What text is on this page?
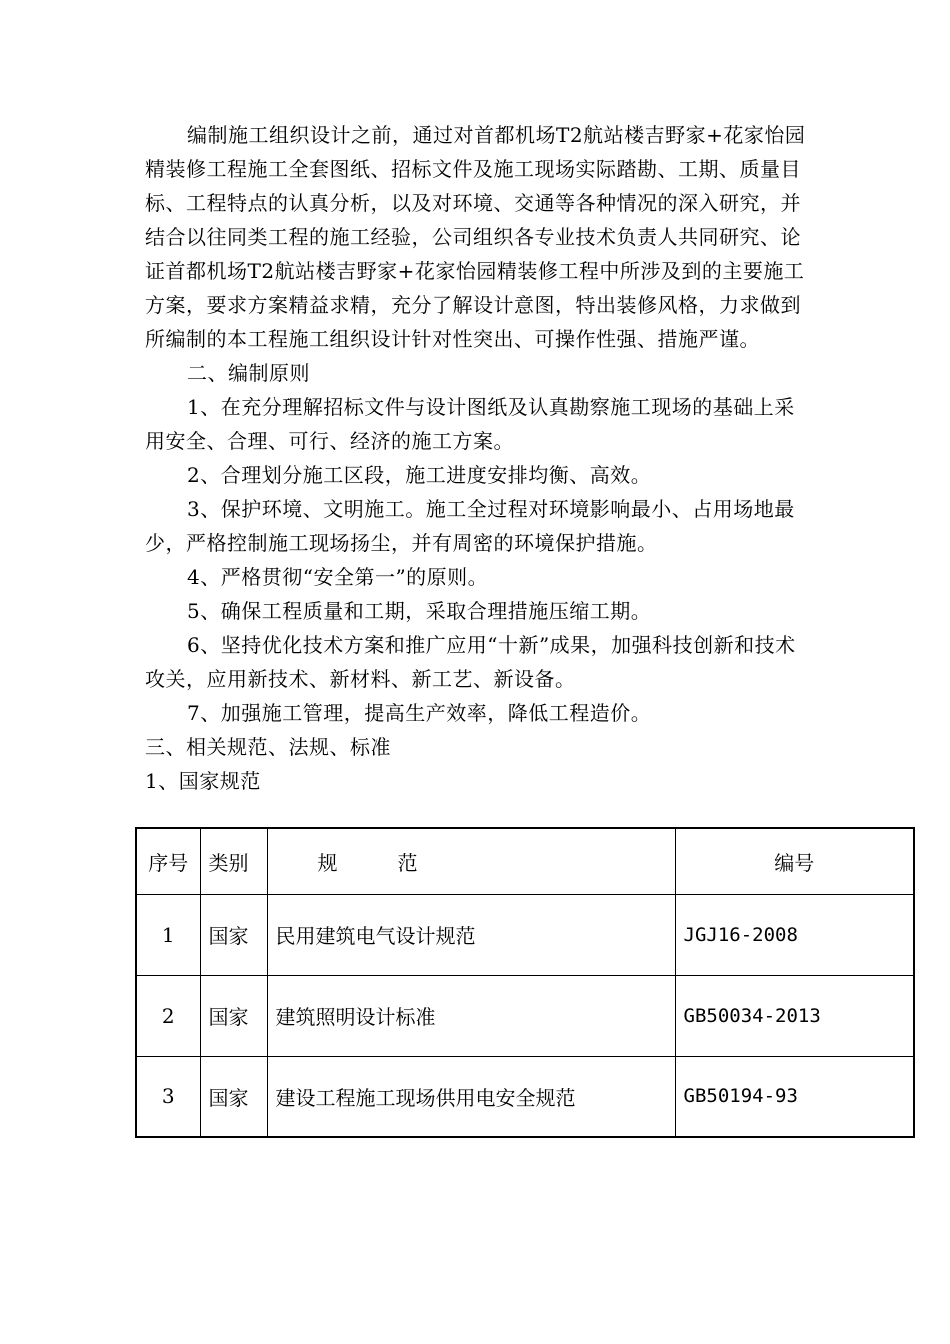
编制施工组织设计之前，通过对首都机场T2航站楼吉野家+花家怡园精装修工程施工全套图纸、招标文件及施工现场实际踏勘、工期、质量目标、工程特点的认真分析，以及对环境、交通等各种情况的深入研究，并结合以往同类工程的施工经验，公司组织各专业技术负责人共同研究、论证首都机场T2航站楼吉野家+花家怡园精装修工程中所涉及到的主要施工方案，要求方案精益求精，充分了解设计意图，特出装修风格，力求做到所编制的本工程施工组织设计针对性突出、可操作性强、措施严谨。

二、编制原则

1、在充分理解招标文件与设计图纸及认真勘察施工现场的基础上采用安全、合理、可行、经济的施工方案。

2、合理划分施工区段，施工进度安排均衡、高效。

3、保护环境、文明施工。施工全过程对环境影响最小、占用场地最少，严格控制施工现场扬尘，并有周密的环境保护措施。

4、严格贯彻“安全第一”的原则。

5、确保工程质量和工期，采取合理措施压缩工期。

6、坚持优化技术方案和推广应用“十新”成果，加强科技创新和技术攻关，应用新技术、新材料、新工艺、新设备。

7、加强施工管理，提高生产效率，降低工程造价。

三、相关规范、法规、标准

1、国家规范

序号	类别	规　　　范	编号
1	国家	民用建筑电气设计规范	JGJ16-2008
2	国家	建筑照明设计标准	GB50034-2013
3	国家	建设工程施工现场供用电安全规范	GB50194-93
